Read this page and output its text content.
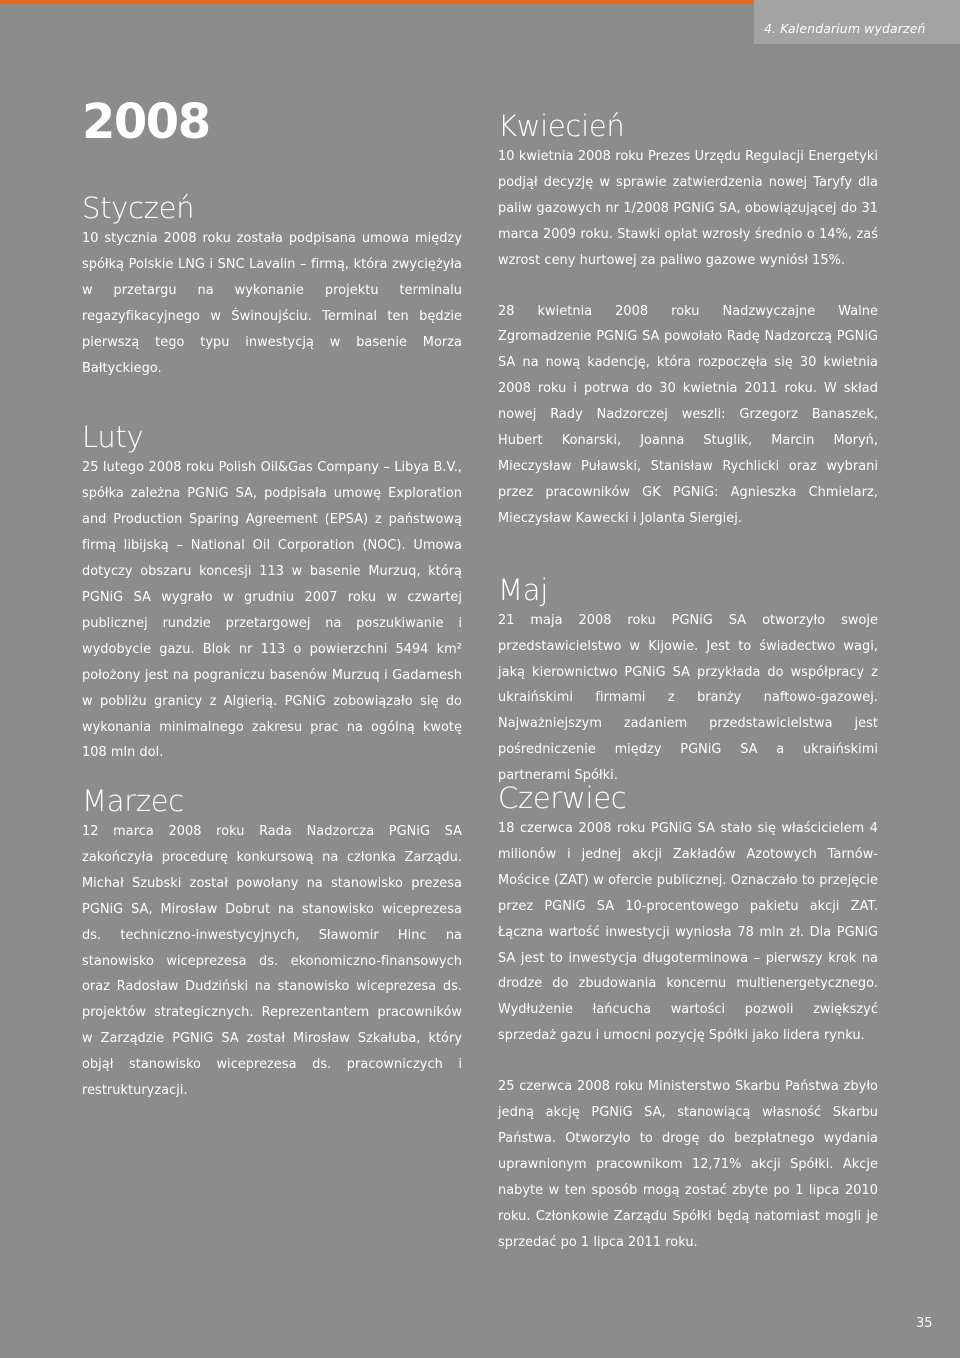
4. Kalendarium wydarzeń
2008
Styczeń

10 stycznia 2008 roku została podpisana umowa między spółką Polskie LNG i SNC Lavalin – firmą, która zwyciężyła w przetargu na wykonanie projektu terminalu regazyfikacyjnego w Świnoujściu. Terminal ten będzie pierwszą tego typu inwestycją w basenie Morza Bałtyckiego.

Luty

25 lutego 2008 roku Polish Oil&Gas Company – Libya B.V., spółka zależna PGNiG SA, podpisała umowę Exploration and Production Sparing Agreement (EPSA) z państwową firmą libijską – National Oil Corporation (NOC). Umowa dotyczy obszaru koncesji 113 w basenie Murzuq, którą PGNiG SA wygrało w grudniu 2007 roku w czwartej publicznej rundzie przetargowej na poszukiwanie i wydobycie gazu. Blok nr 113 o powierzchni 5494 km² położony jest na pograniczu basenów Murzuq i Gadamesh w pobliżu granicy z Algierią. PGNiG zobowiązało się do wykonania minimalnego zakresu prac na ogólną kwotę 108 mln dol.

Marzec

12 marca 2008 roku Rada Nadzorcza PGNiG SA zakończyła procedurę konkursową na członka Zarządu. Michał Szubski został powołany na stanowisko prezesa PGNiG SA, Mirosław Dobrut na stanowisko wiceprezesa ds. techniczno-inwestycyjnych, Sławomir Hinc na stanowisko wiceprezesa ds. ekonomiczno-finansowych oraz Radosław Dudziński na stanowisko wiceprezesa ds. projektów strategicznych. Reprezentantem pracowników w Zarządzie PGNiG SA został Mirosław Szkałuba, który objął stanowisko wiceprezesa ds. pracowniczych i restrukturyzacji.

Kwiecień

10 kwietnia 2008 roku Prezes Urzędu Regulacji Energetyki podjął decyzję w sprawie zatwierdzenia nowej Taryfy dla paliw gazowych nr 1/2008 PGNiG SA, obowiązującej do 31 marca 2009 roku. Stawki opłat wzrosły średnio o 14%, zaś wzrost ceny hurtowej za paliwo gazowe wyniósł 15%.

28 kwietnia 2008 roku Nadzwyczajne Walne Zgromadzenie PGNiG SA powołało Radę Nadzorczą PGNiG SA na nową kadencję, która rozpoczęła się 30 kwietnia 2008 roku i potrwa do 30 kwietnia 2011 roku. W skład nowej Rady Nadzorczej weszli: Grzegorz Banaszek, Hubert Konarski, Joanna Stuglik, Marcin Moryń, Mieczysław Puławski, Stanisław Rychlicki oraz wybrani przez pracowników GK PGNiG: Agnieszka Chmielarz, Mieczysław Kawecki i Jolanta Siergiej.

Maj

21 maja 2008 roku PGNiG SA otworzyło swoje przedstawicielstwo w Kijowie. Jest to świadectwo wagi, jaką kierownictwo PGNiG SA przykłada do współpracy z ukraińskimi firmami z branży naftowo-gazowej. Najważniejszym zadaniem przedstawicielstwa jest pośredniczenie między PGNiG SA a ukraińskimi partnerami Spółki.

Czerwiec

18 czerwca 2008 roku PGNiG SA stało się właścicielem 4 milionów i jednej akcji Zakładów Azotowych Tarnów-Mościce (ZAT) w ofercie publicznej. Oznaczało to przejęcie przez PGNiG SA 10-procentowego pakietu akcji ZAT. Łączna wartość inwestycji wyniosła 78 mln zł. Dla PGNiG SA jest to inwestycja długoterminowa – pierwszy krok na drodze do zbudowania koncernu multienergetycznego. Wydłużenie łańcucha wartości pozwoli zwiększyć sprzedaż gazu i umocni pozycję Spółki jako lidera rynku.

25 czerwca 2008 roku Ministerstwo Skarbu Państwa zbyło jedną akcję PGNiG SA, stanowiącą własność Skarbu Państwa. Otworzyło to drogę do bezpłatnego wydania uprawnionym pracownikom 12,71% akcji Spółki. Akcje nabyte w ten sposób mogą zostać zbyte po 1 lipca 2010 roku. Członkowie Zarządu Spółki będą natomiast mogli je sprzedać po 1 lipca 2011 roku.

35
